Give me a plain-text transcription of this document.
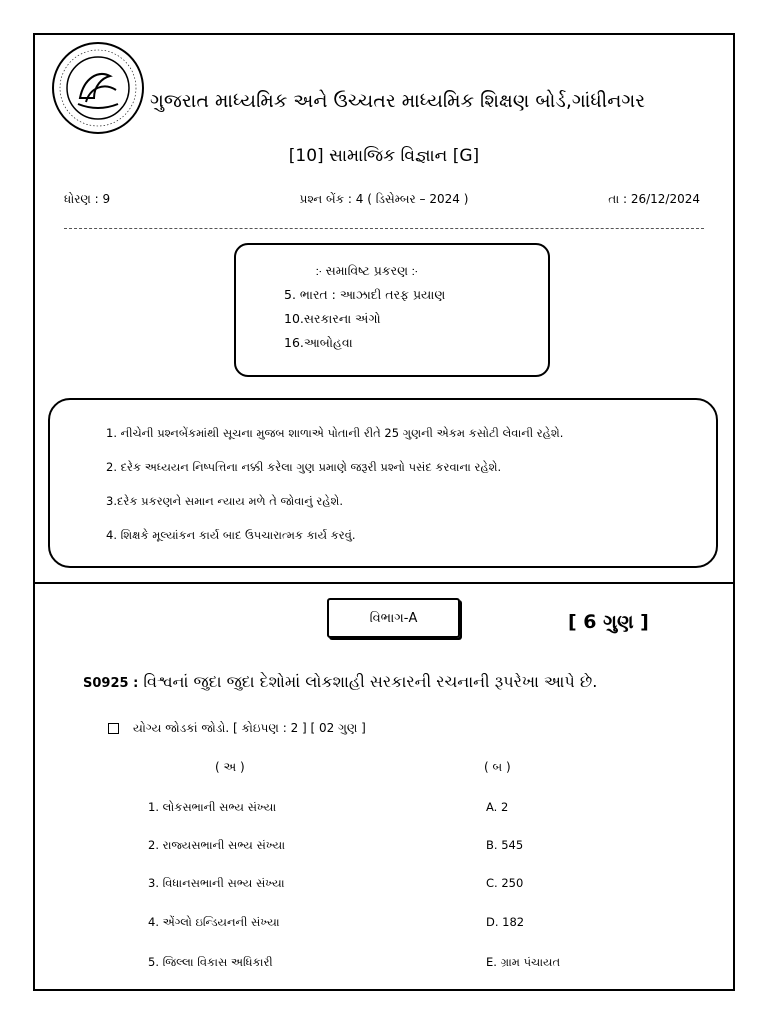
ગુજરાત માધ્યમિક અને ઉચ્ચતર માધ્યમિક શિક્ષણ બોર્ડ,ગાંધીનગર
[10] સામાજિક વિજ્ઞાન [G]
ધોરણ : 9	પ્રશ્ન બેંક : 4 ( ડિસેમ્બર – 2024 )	તા : 26/12/2024
჻ સમાવિષ્ટ પ્રકરણ ჻
5. ભારત : આઝાદી તરફ પ્રયાણ
10.સરકારના અંગો
16.આબોહવા
1. નીચેની પ્રશ્નબેંકમાંથી સૂચના મુજબ શાળાએ પોતાની રીતે 25 ગુણની એકમ કસોટી લેવાની રહેશે.
2. દરેક અધ્યયન નિષ્પત્તિના નક્કી કરેલા ગુણ પ્રમાણે જરૂરી પ્રશ્નો પસંદ કરવાના રહેશે.
3.દરેક પ્રકરણને સમાન ન્યાય મળે તે જોવાનું રહેશે.
4. શિક્ષકે મૂલ્યાંકન કાર્ય બાદ ઉપચારાત્મક કાર્ય કરવું.
વિભાગ-A	[ 6 ગુણ ]
S0925 : વિશ્વનાં જુદા જુદા દેશોમાં લોકશાહી સરકારની રચનાની રૂપરેખા આપે છે.
યોગ્ય જોડકાં જોડો. [ કોઇપણ : 2 ] [ 02 ગુણ ]
( અ )	( બ )
1. લોકસભાની સભ્ય સંખ્યા	A. 2
2. રાજ્યસભાની સભ્ય સંખ્યા	B. 545
3. વિધાનસભાની સભ્ય સંખ્યા	C. 250
4. એંગ્લો ઇન્ડિયનની સંખ્યા	D. 182
5. જિલ્લા વિકાસ અધિકારી	E. ગ્રામ પંચાયત
